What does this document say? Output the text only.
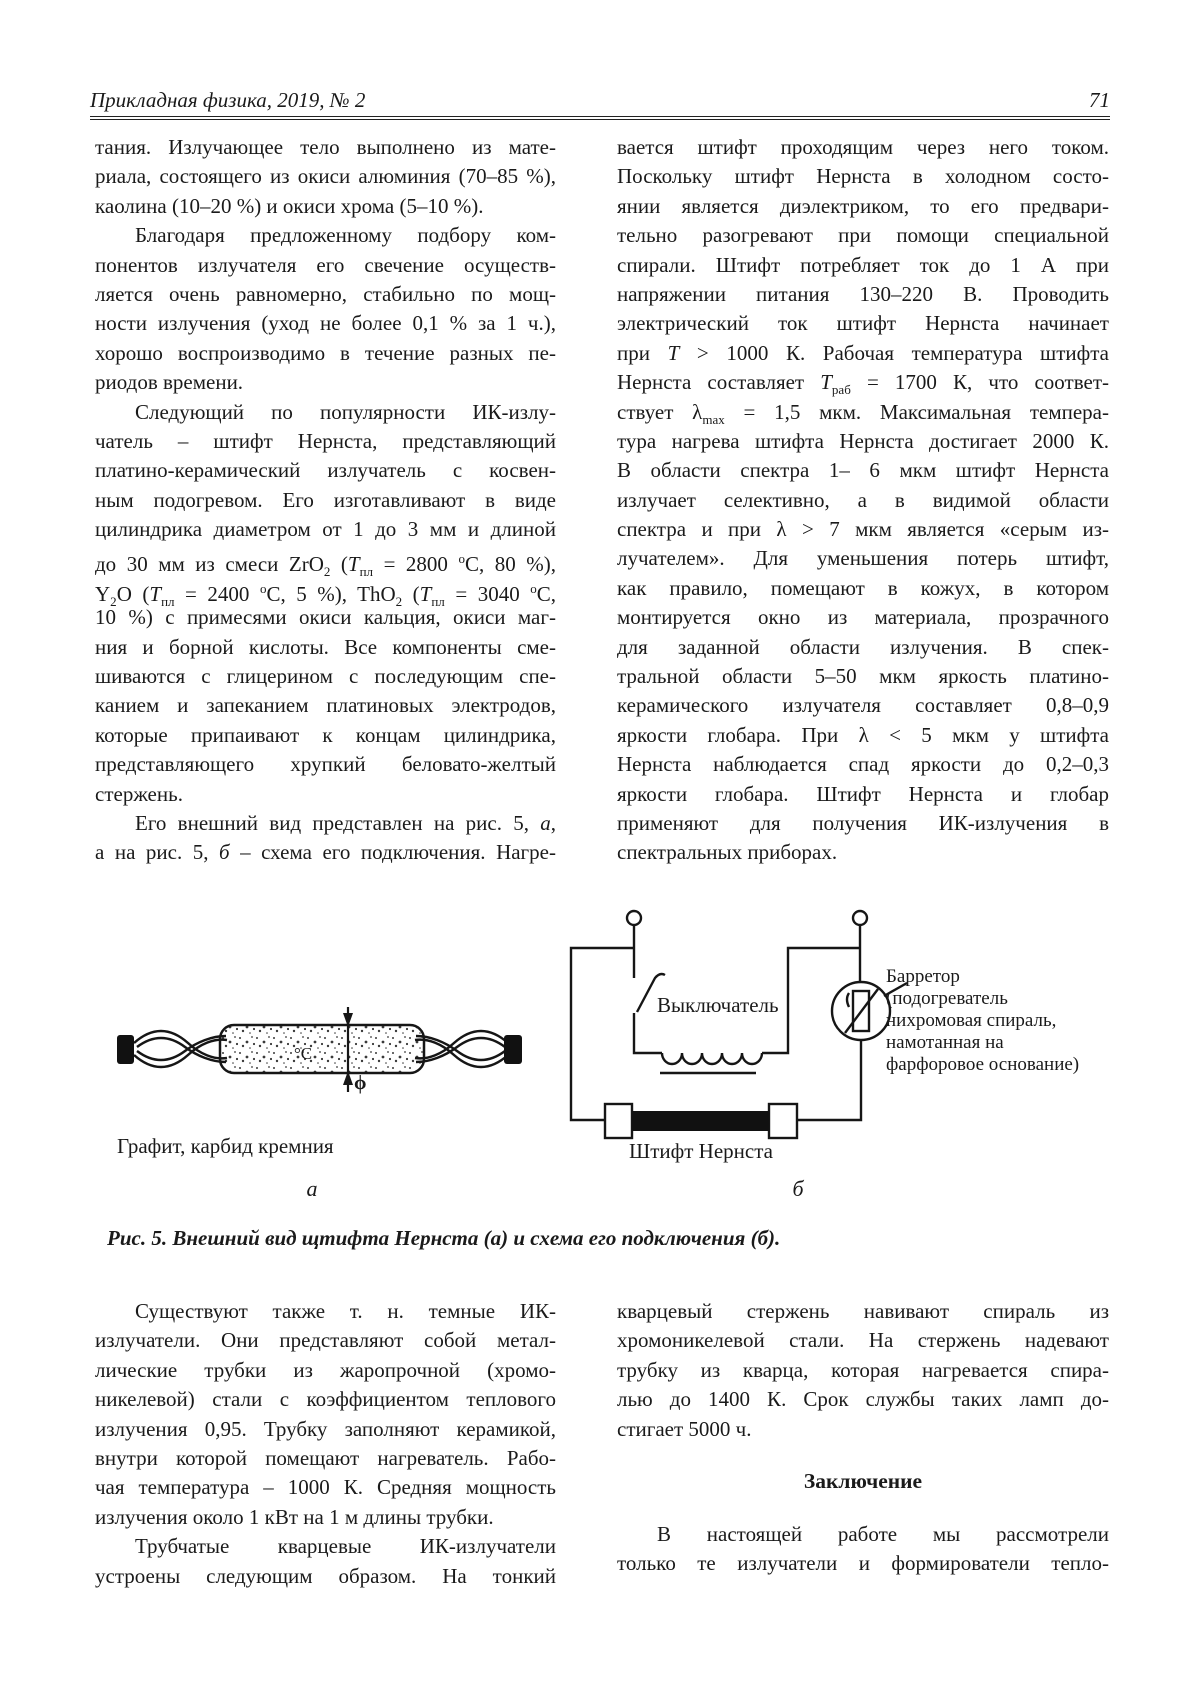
Прикладная физика, 2019, № 2	71
тания. Излучающее тело выполнено из мате-
риала, состоящего из окиси алюминия (70–85 %),
каолина (10–20 %) и окиси хрома (5–10 %).
Благодаря предложенному подбору ком-
понентов излучателя его свечение осуществ-
ляется очень равномерно, стабильно по мощ-
ности излучения (уход не более 0,1 % за 1 ч.),
хорошо воспроизводимо в течение разных пе-
риодов времени.
Следующий по популярности ИК-излу-
чатель – штифт Нернста, представляющий
платино-керамический излучатель с косвен-
ным подогревом. Его изготавливают в виде
цилиндрика диаметром от 1 до 3 мм и длиной
до 30 мм из смеси ZrO$_2$ ($T_{пл} = 2800$ $^о$С, 80 %),
$Y_2O$ ($T_{пл} = 2400$ $^о$С, 5 %), ThO$_2$ ($T_{пл} = 3040$ $^о$С,
10 %) с примесями окиси кальция, окиси маг-
ния и борной кислоты. Все компоненты сме-
шиваются с глицерином с последующим спе-
канием и запеканием платиновых электродов,
которые припаивают к концам цилиндрика,
представляющего хрупкий беловато-желтый
стержень.
Его внешний вид представлен на рис. 5, а,
а на рис. 5, б – схема его подключения. Нагре-
вается штифт проходящим через него током.
Поскольку штифт Нернста в холодном состо-
янии является диэлектриком, то его предвари-
тельно разогревают при помощи специальной
спирали. Штифт потребляет ток до 1 А при
напряжении питания 130–220 В. Проводить
электрический ток штифт Нернста начинает
при T > 1000 К. Рабочая температура штифта
Нернста составляет $T_{раб} = 1700$ К, что соответ-
ствует $\lambda_{max} = 1,5$ мкм. Максимальная темпера-
тура нагрева штифта Нернста достигает 2000 К.
В области спектра 1– 6 мкм штифт Нернста
излучает селективно, а в видимой области
спектра и при λ > 7 мкм является «серым из-
лучателем». Для уменьшения потерь штифт,
как правило, помещают в кожух, в котором
монтируется окно из материала, прозрачного
для заданной области излучения. В спек-
тральной области 5–50 мкм яркость платино-
керамического излучателя составляет 0,8–0,9
яркости глобара. При λ < 5 мкм у штифта
Нернста наблюдается спад яркости до 0,2–0,3
яркости глобара. Штифт Нернста и глобар
применяют для получения ИК-излучения в
спектральных приборах.
°С
ϕ
Графит, карбид кремния
а
Выключатель
Барретор
(подогреватель
нихромовая спираль,
намотанная на
фарфоровое основание)
Штифт Нернста
б
Рис. 5. Внешний вид щтифта Нернста (а) и схема его подключения (б).
Существуют также т. н. темные ИК-
излучатели. Они представляют собой метал-
лические трубки из жаропрочной (хромо-
никелевой) стали с коэффициентом теплового
излучения 0,95. Трубку заполняют керамикой,
внутри которой помещают нагреватель. Рабо-
чая температура – 1000 К. Средняя мощность
излучения около 1 кВт на 1 м длины трубки.
Трубчатые кварцевые ИК-излучатели
устроены следующим образом. На тонкий
кварцевый стержень навивают спираль из
хромоникелевой стали. На стержень надевают
трубку из кварца, которая нагревается спира-
лью до 1400 К. Срок службы таких ламп до-
стигает 5000 ч.
Заключение
В настоящей работе мы рассмотрели
только те излучатели и формирователи тепло-
